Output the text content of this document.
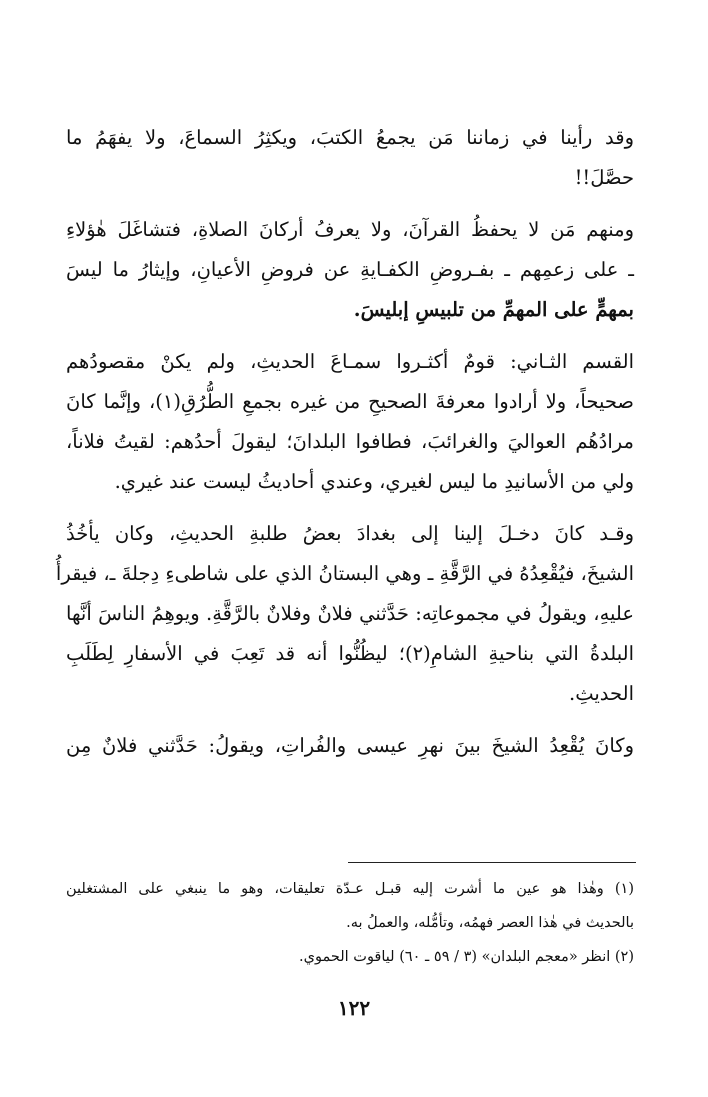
وقد رأينا في زماننا مَن يجمعُ الكتبَ، ويكثِرُ السماعَ، ولا يفهَمُ ما
حصَّلَ!!
ومنهم مَن لا يحفظُ القرآنَ، ولا يعرفُ أركانَ الصلاةِ، فتشاغَلَ هٰؤلاءِ
ـ على زعمِهم ـ بفـروضِ الكفـايةِ عن فروضِ الأعيانِ، وإيثارُ ما ليسَ
بمهمٍّ على المهمِّ من تلبيسِ إبليسَ.
القسم الثـاني: قومٌ أكثـروا سمـاعَ الحديثِ، ولم يكنْ مقصودُهم
صحيحاً، ولا أرادوا معرفةَ الصحيحِ من غيره بجمعِ الطُّرُقِ(١)، وإنَّما كانَ
مرادُهُم العواليَ والغرائبَ، فطافوا البلدانَ؛ ليقولَ أحدُهم: لقيتُ فلاناً،
ولي من الأسانيدِ ما ليس لغيري، وعندي أحاديثُ ليست عند غيري.
وقـد كانَ دخـلَ إلينا إلى بغدادَ بعضُ طلبةِ الحديثِ، وكان يأخُذُ
الشيخَ، فيُقْعِدُهُ في الرَّقَّةِ ـ وهي البستانُ الذي على شاطىءِ دِجلةَ ـ، فيقرأُ
عليهِ، ويقولُ في مجموعاتِه: حَدَّثني فلانٌ وفلانٌ بالرَّقَّةِ. ويوهِمُ الناسَ أنَّها
البلدةُ التي بناحيةِ الشامِ(٢)؛ ليظُنُّوا أنه قد تَعِبَ في الأسفارِ لِطَلَبِ
الحديثِ.
وكانَ يُقْعِدُ الشيخَ بينَ نهرِ عيسى والفُراتِ، ويقولُ: حَدَّثني فلانٌ مِن
(١) وهٰذا هو عين ما أشرت إليه قبـل عـدّة تعليقات، وهو ما ينبغي على المشتغلين
بالحديث في هٰذا العصر فهمُه، وتأمُّله، والعملُ به.
(٢) انظر «معجم البلدان» (٣ / ٥٩ ـ ٦٠) لياقوت الحموي.
١٢٢
